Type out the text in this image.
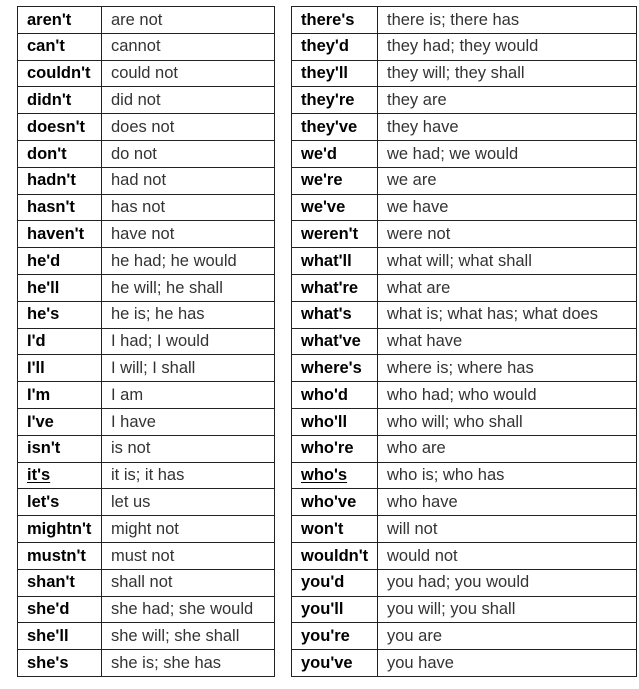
aren't	are not		there's	there is; there has
can't	cannot		they'd	they had; they would
couldn't	could not		they'll	they will; they shall
didn't	did not		they're	they are
doesn't	does not		they've	they have
don't	do not		we'd	we had; we would
hadn't	had not		we're	we are
hasn't	has not		we've	we have
haven't	have not		weren't	were not
he'd	he had; he would		what'll	what will; what shall
he'll	he will; he shall		what're	what are
he's	he is; he has		what's	what is; what has; what does
I'd	I had; I would		what've	what have
I'll	I will; I shall		where's	where is; where has
I'm	I am		who'd	who had; who would
I've	I have		who'll	who will; who shall
isn't	is not		who're	who are
it's	it is; it has		who's	who is; who has
let's	let us		who've	who have
mightn't	might not		won't	will not
mustn't	must not		wouldn't	would not
shan't	shall not		you'd	you had; you would
she'd	she had; she would		you'll	you will; you shall
she'll	she will; she shall		you're	you are
she's	she is; she has		you've	you have
